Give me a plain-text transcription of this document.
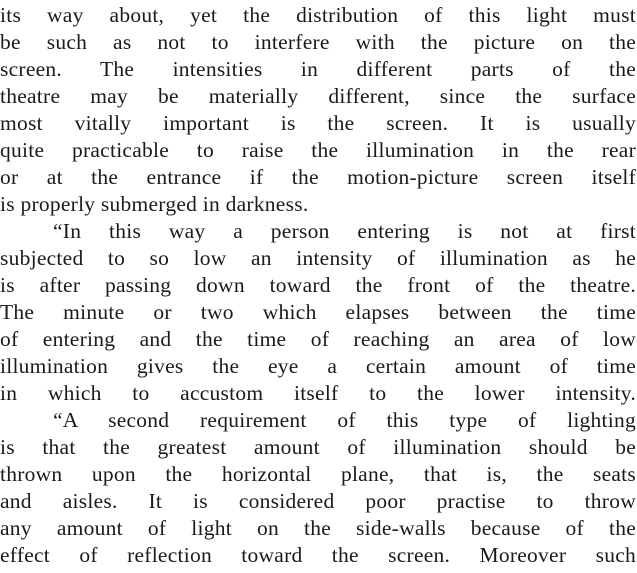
its way about, yet the distribution of this light must
be such as not to interfere with the picture on the
screen. The intensities in different parts of the
theatre may be materially different, since the surface
most vitally important is the screen. It is usually
quite practicable to raise the illumination in the rear
or at the entrance if the motion-picture screen itself
is properly submerged in darkness.
“In this way a person entering is not at first
subjected to so low an intensity of illumination as he
is after passing down toward the front of the theatre.
The minute or two which elapses between the time
of entering and the time of reaching an area of low
illumination gives the eye a certain amount of time
in which to accustom itself to the lower intensity.
“A second requirement of this type of lighting
is that the greatest amount of illumination should be
thrown upon the horizontal plane, that is, the seats
and aisles. It is considered poor practise to throw
any amount of light on the side-walls because of the
effect of reflection toward the screen. Moreover such
